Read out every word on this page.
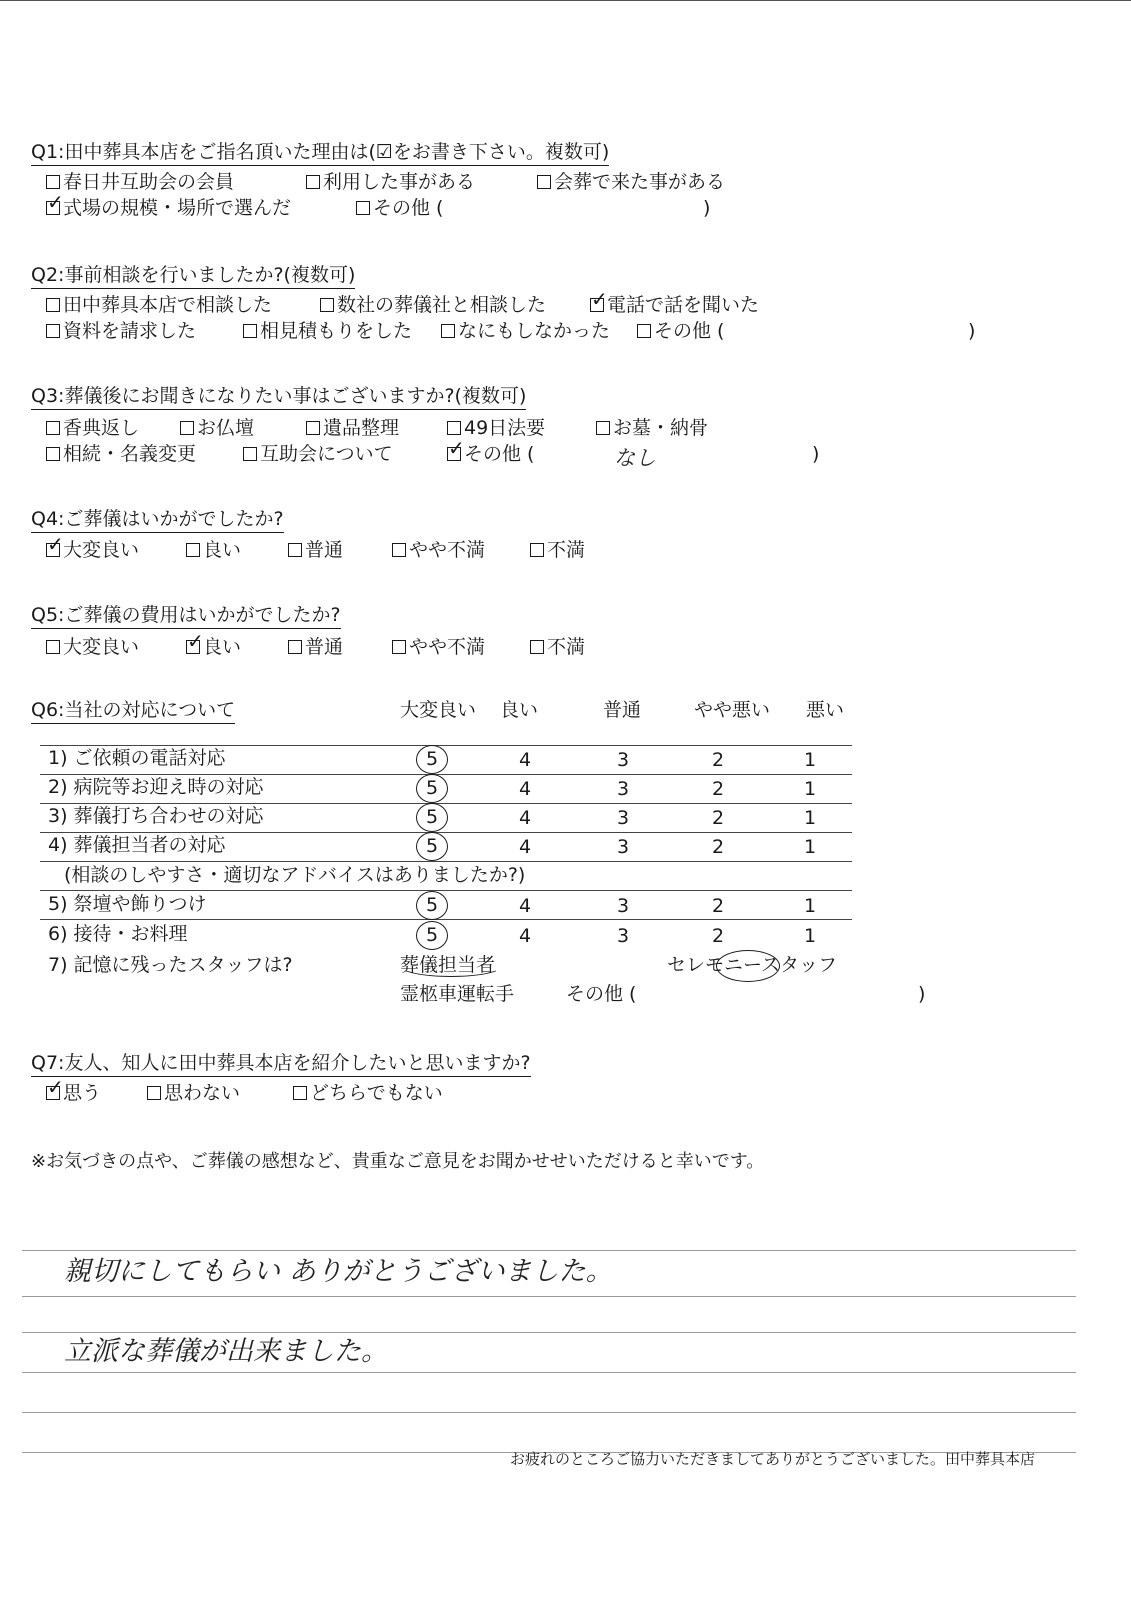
Q1:田中葬具本店をご指名頂いた理由は(☑をお書き下さい。複数可)
春日井互助会の会員	利用した事がある	会葬で来た事がある
✓式場の規模・場所で選んだ	その他 (	)
Q2:事前相談を行いましたか?(複数可)
田中葬具本店で相談した	数社の葬儀社と相談した ✓	電話で話を聞いた
資料を請求した	相見積もりをした	なにもしなかった	その他 (	)
Q3:葬儀後にお聞きになりたい事はございますか?(複数可)
香典返し	お仏壇	遺品整理	49日法要	お墓・納骨
相続・名義変更	互助会について ✓	その他 (	なし	)
Q4:ご葬儀はいかがでしたか?
✓大変良い	良い	普通	やや不満	不満
Q5:ご葬儀の費用はいかがでしたか?
大変良い ✓	良い	普通	やや不満	不満
Q6:当社の対応について	大変良い 良い	普通	やや悪い 悪い
1) ご依頼の電話対応	5	4	3	2	1
2) 病院等お迎え時の対応	5	4	3	2	1
3) 葬儀打ち合わせの対応	5	4	3	2	1
4) 葬儀担当者の対応	5	4	3	2	1
(相談のしやすさ・適切なアドバイスはありましたか?)
5) 祭壇や飾りつけ	5	4	3	2	1
6) 接待・お料理	5	4	3	2	1
7) 記憶に残ったスタッフは?	葬儀担当者	セレモニースタッフ
霊柩車運転手	その他 (	)
Q7:友人、知人に田中葬具本店を紹介したいと思いますか?
✓思う	思わない	どちらでもない
※お気づきの点や、ご葬儀の感想など、貴重なご意見をお聞かせせいただけると幸いです。
親切にしてもらい ありがとうございました。
立派な葬儀が出来ました。
お疲れのところご協力いただきましてありがとうございました。田中葬具本店
